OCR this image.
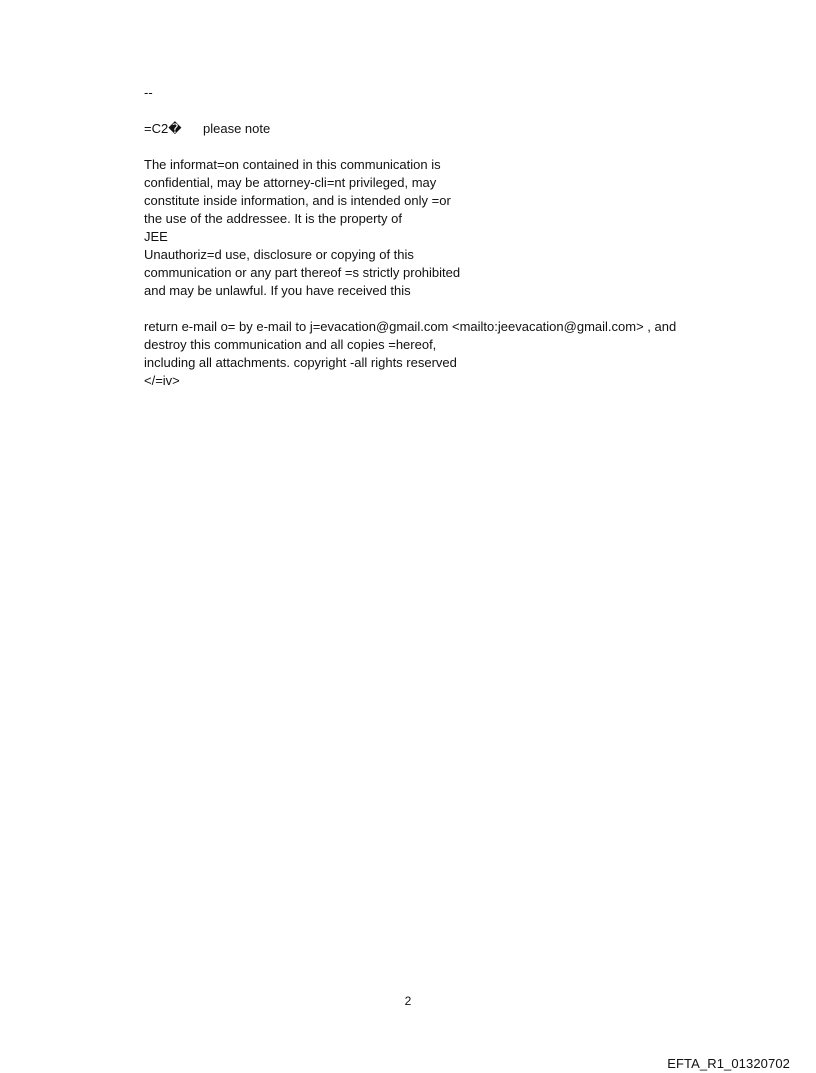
--

=C2�	please note

The informat=on contained in this communication is

confidential, may be attorney-cli=nt privileged, may

constitute inside information, and is intended only =or

the use of the addressee. It is the property of

JEE

Unauthoriz=d use, disclosure or copying of this

communication or any part thereof =s strictly prohibited

and may be unlawful. If you have received this

return e-mail o= by e-mail to j=evacation@gmail.com <mailto:jeevacation@gmail.com> , and

destroy this communication and all copies =hereof,

including all attachments. copyright -all rights reserved

</=iv>

2
EFTA_R1_01320702
